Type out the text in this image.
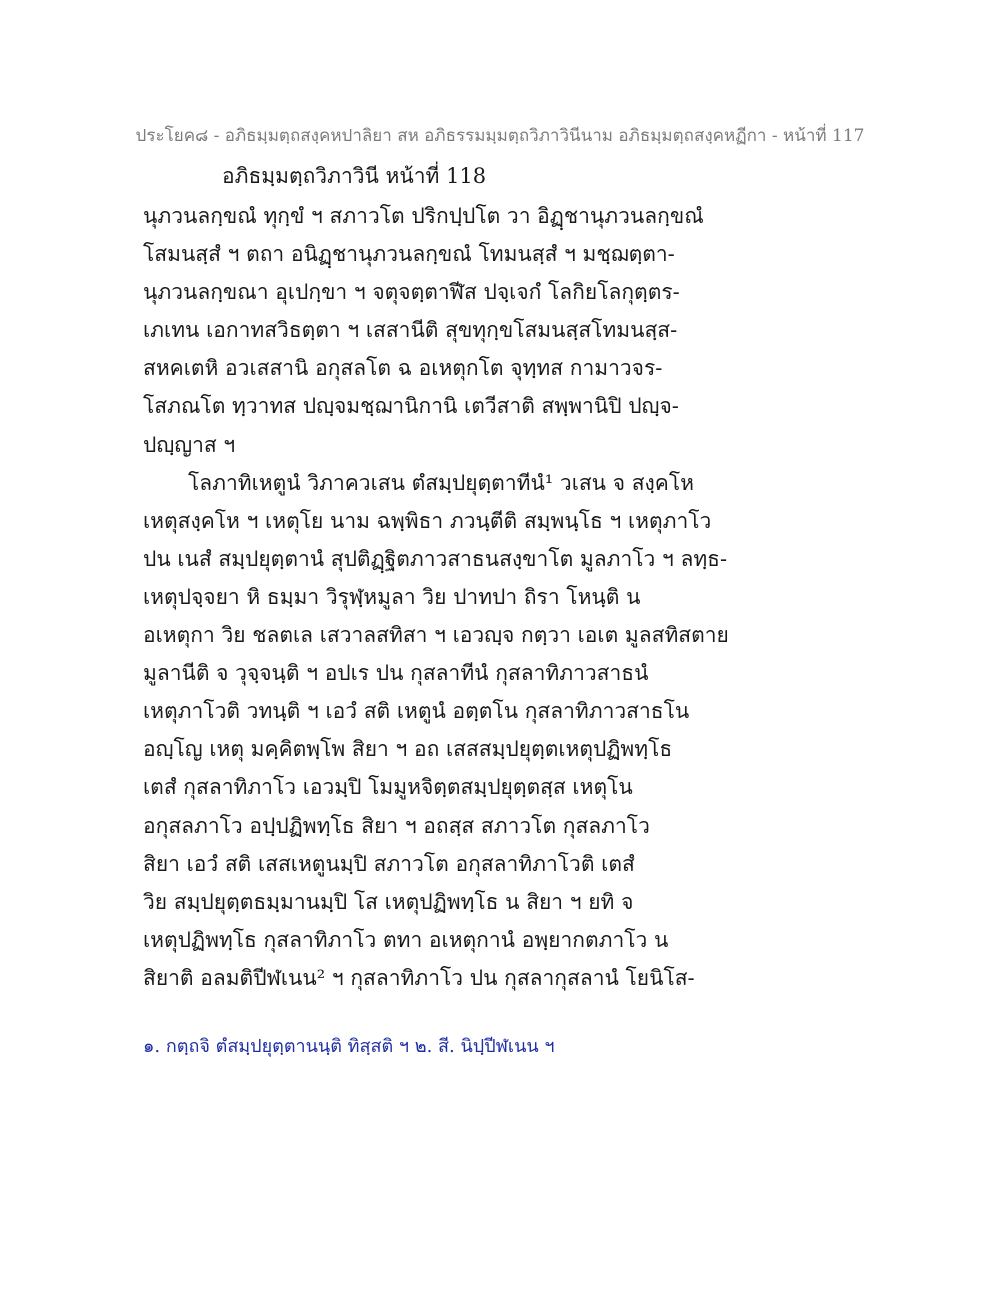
ประโยค๘ - อภิธมฺมตฺถสงฺคหปาลิยา สห อภิธรรมมฺมตฺถวิภาวินีนาม อภิธมฺมตฺถสงฺคหฏีกา - หน้าที่ 117
อภิธมฺมตฺถวิภาวินี หน้าที่ 118
นุภวนลกฺขณํ ทุกฺขํ ฯ สภาวโต ปริกปฺปโต วา อิฏฺชานุภวนลกฺขณํ
โสมนสฺสํ ฯ ตถา อนิฏฺชานุภวนลกฺขณํ โทมนสฺสํ ฯ มชฺฌตฺตา-
นุภวนลกฺขณา อุเปกฺขา ฯ จตุจตฺตาฬีส ปจฺเจกํ โลกิยโลกุตฺตร-
เภเทน เอกาทสวิธตฺตา ฯ เสสานีติ สุขทุกฺขโสมนสฺสโทมนสฺส-
สหคเตหิ อวเสสานิ อกุสลโต ฉ อเหตุกโต จุทฺทส กามาวจร-
โสภณโต ทฺวาทส ปญฺจมชฺฌานิกานิ เตวีสาติ สพฺพานิปิ ปญฺจ-
ปญฺญาส ฯ
โลภาทิเหตูนํ วิภาควเสน ตํสมฺปยุตฺตาทีนํ¹ วเสน จ สงฺคโห
เหตุสงฺคโห ฯ เหตุโย นาม ฉพฺพิธา ภวนฺตีติ สมฺพนฺโธ ฯ เหตุภาโว
ปน เนสํ สมฺปยุตฺตานํ สุปติฏฺฐิตภาวสาธนสงฺขาโต มูลภาโว ฯ ลทฺธ-
เหตุปจฺจยา หิ ธมฺมา วิรุฬฺหมูลา วิย ปาทปา ถิรา โหนฺติ น
อเหตุกา วิย ชลตเล เสวาลสทิสา ฯ เอวญฺจ กตฺวา เอเต มูลสทิสตาย
มูลานีติ จ วุจฺจนฺติ ฯ อปเร ปน กุสลาทีนํ กุสลาทิภาวสาธนํ
เหตุภาโวติ วทนฺติ ฯ เอวํ สติ เหตูนํ อตฺตโน กุสลาทิภาวสาธโน
อญฺโญ เหตุ มคฺคิตพฺโพ สิยา ฯ อถ เสสสมฺปยุตฺตเหตุปฏิพทฺโธ
เตสํ กุสลาทิภาโว เอวมฺปิ โมมูหจิตฺตสมฺปยุตฺตสฺส เหตุโน
อกุสลภาโว อปฺปฏิพทฺโธ สิยา ฯ อถสฺส สภาวโต กุสลภาโว
สิยา เอวํ สติ เสสเหตูนมฺปิ สภาวโต อกุสลาทิภาโวติ เตสํ
วิย สมฺปยุตฺตธมฺมานมฺปิ โส เหตุปฏิพทฺโธ น สิยา ฯ ยทิ จ
เหตุปฏิพทฺโธ กุสลาทิภาโว ตทา อเหตุกานํ อพฺยากตภาโว น
สิยาติ อลมติปีฬเนน² ฯ กุสลาทิภาโว ปน กุสลากุสลานํ โยนิโส-
๑. กตฺถจิ ตํสมฺปยุตฺตานนฺติ ทิสฺสติ ฯ ๒. สี. นิปฺปีฬเนน ฯ
